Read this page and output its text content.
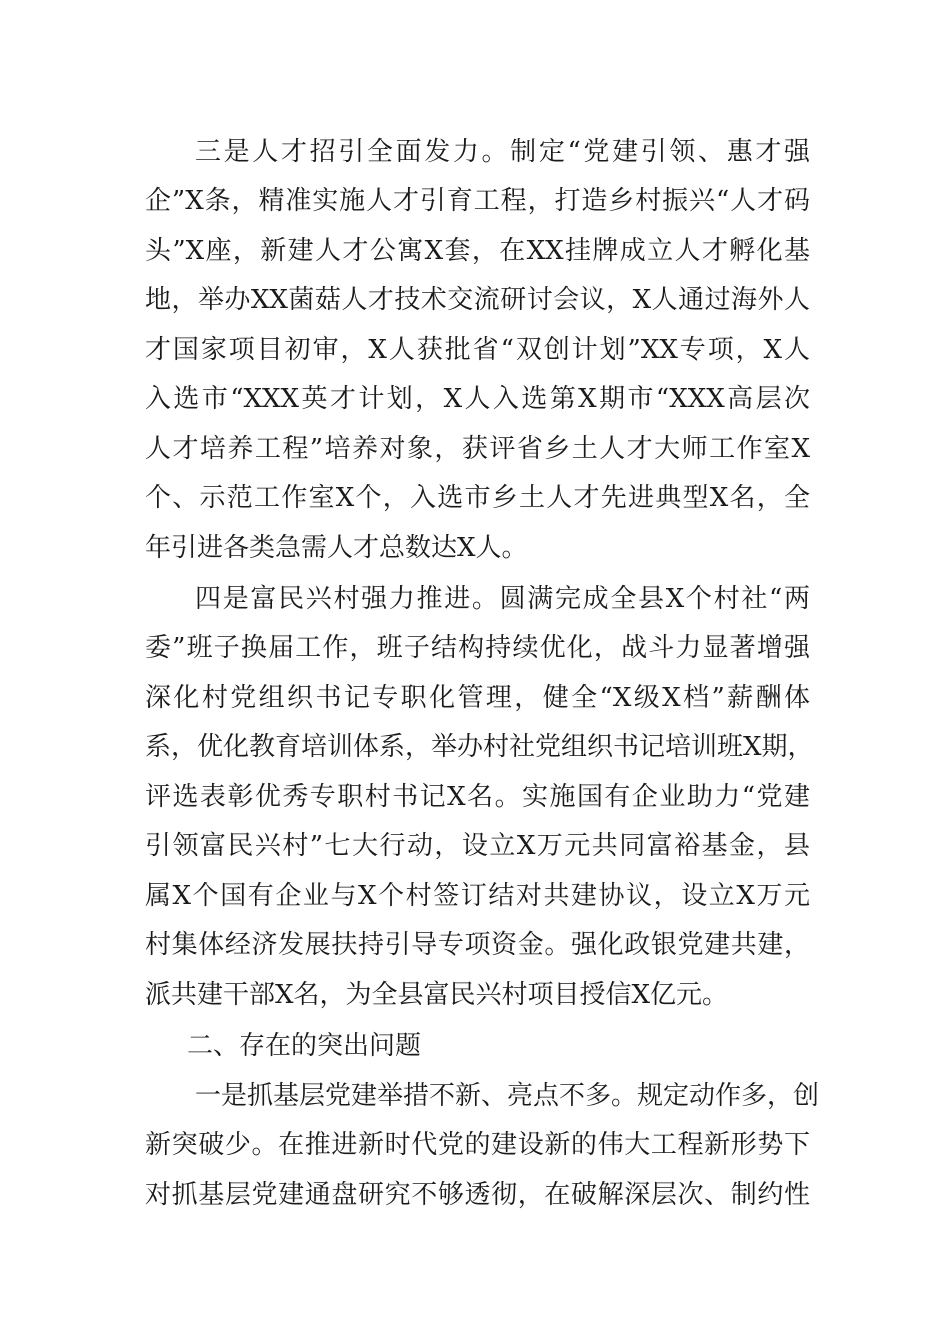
三是人才招引全面发力。制定“党建引领、惠才强
企”X条，精准实施人才引育工程，打造乡村振兴“人才码
头”X座，新建人才公寓X套，在XX挂牌成立人才孵化基
地，举办XX菌菇人才技术交流研讨会议，X人通过海外人
才国家项目初审，X人获批省“双创计划”XX专项，X人
入选市“XXX英才计划，X人入选第X期市“XXX高层次
人才培养工程”培养对象，获评省乡土人才大师工作室X
个、示范工作室X个，入选市乡土人才先进典型X名，全
年引进各类急需人才总数达X人。
四是富民兴村强力推进。圆满完成全县X个村社“两
委”班子换届工作，班子结构持续优化，战斗力显著增强
深化村党组织书记专职化管理，健全“X级X档”薪酬体
系，优化教育培训体系，举办村社党组织书记培训班X期，
评选表彰优秀专职村书记X名。实施国有企业助力“党建
引领富民兴村”七大行动，设立X万元共同富裕基金，县
属X个国有企业与X个村签订结对共建协议，设立X万元
村集体经济发展扶持引导专项资金。强化政银党建共建，
派共建干部X名，为全县富民兴村项目授信X亿元。
二、存在的突出问题
一是抓基层党建举措不新、亮点不多。规定动作多，创
新突破少。在推进新时代党的建设新的伟大工程新形势下
对抓基层党建通盘研究不够透彻，在破解深层次、制约性
